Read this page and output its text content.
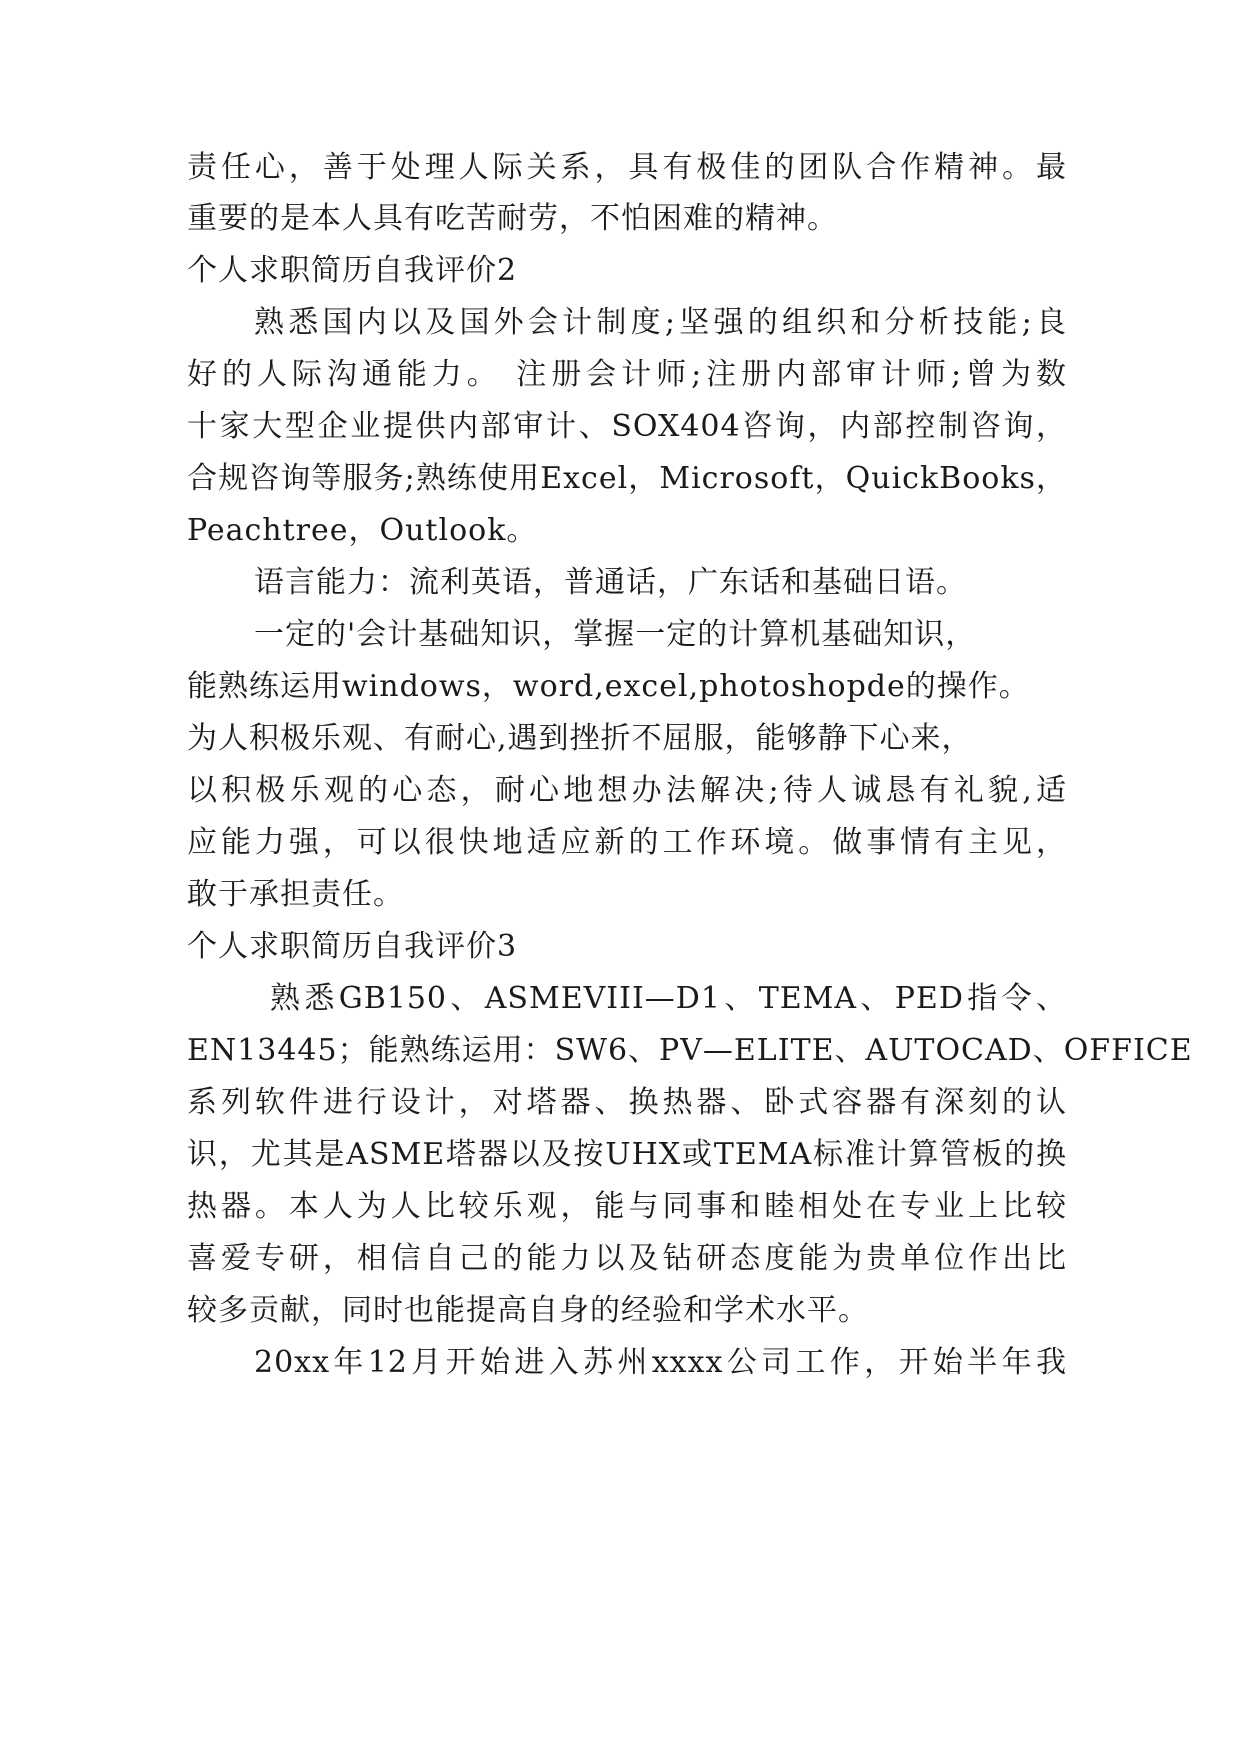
责任心，善于处理人际关系，具有极佳的团队合作精神。最
重要的是本人具有吃苦耐劳，不怕困难的精神。
个人求职简历自我评价2
熟悉国内以及国外会计制度;坚强的组织和分析技能;良
好的人际沟通能力。 注册会计师;注册内部审计师;曾为数
十家大型企业提供内部审计、SOX404咨询，内部控制咨询，
合规咨询等服务;熟练使用Excel，Microsoft，QuickBooks，
Peachtree，Outlook。
语言能力：流利英语，普通话，广东话和基础日语。
一定的'会计基础知识，掌握一定的计算机基础知识，
能熟练运用windows，word,excel,photoshopde的操作。
为人积极乐观、有耐心,遇到挫折不屈服，能够静下心来，
以积极乐观的心态，耐心地想办法解决;待人诚恳有礼貌,适
应能力强，可以很快地适应新的工作环境。做事情有主见，
敢于承担责任。
个人求职简历自我评价3
熟悉GB150、ASMEVIII—D1、TEMA、PED指令、
EN13445；能熟练运用：SW6、PV—ELITE、AUTOCAD、OFFICE
系列软件进行设计，对塔器、换热器、卧式容器有深刻的认
识，尤其是ASME塔器以及按UHX或TEMA标准计算管板的换
热器。本人为人比较乐观，能与同事和睦相处在专业上比较
喜爱专研，相信自己的能力以及钻研态度能为贵单位作出比
较多贡献，同时也能提高自身的经验和学术水平。
20xx年12月开始进入苏州xxxx公司工作，开始半年我
